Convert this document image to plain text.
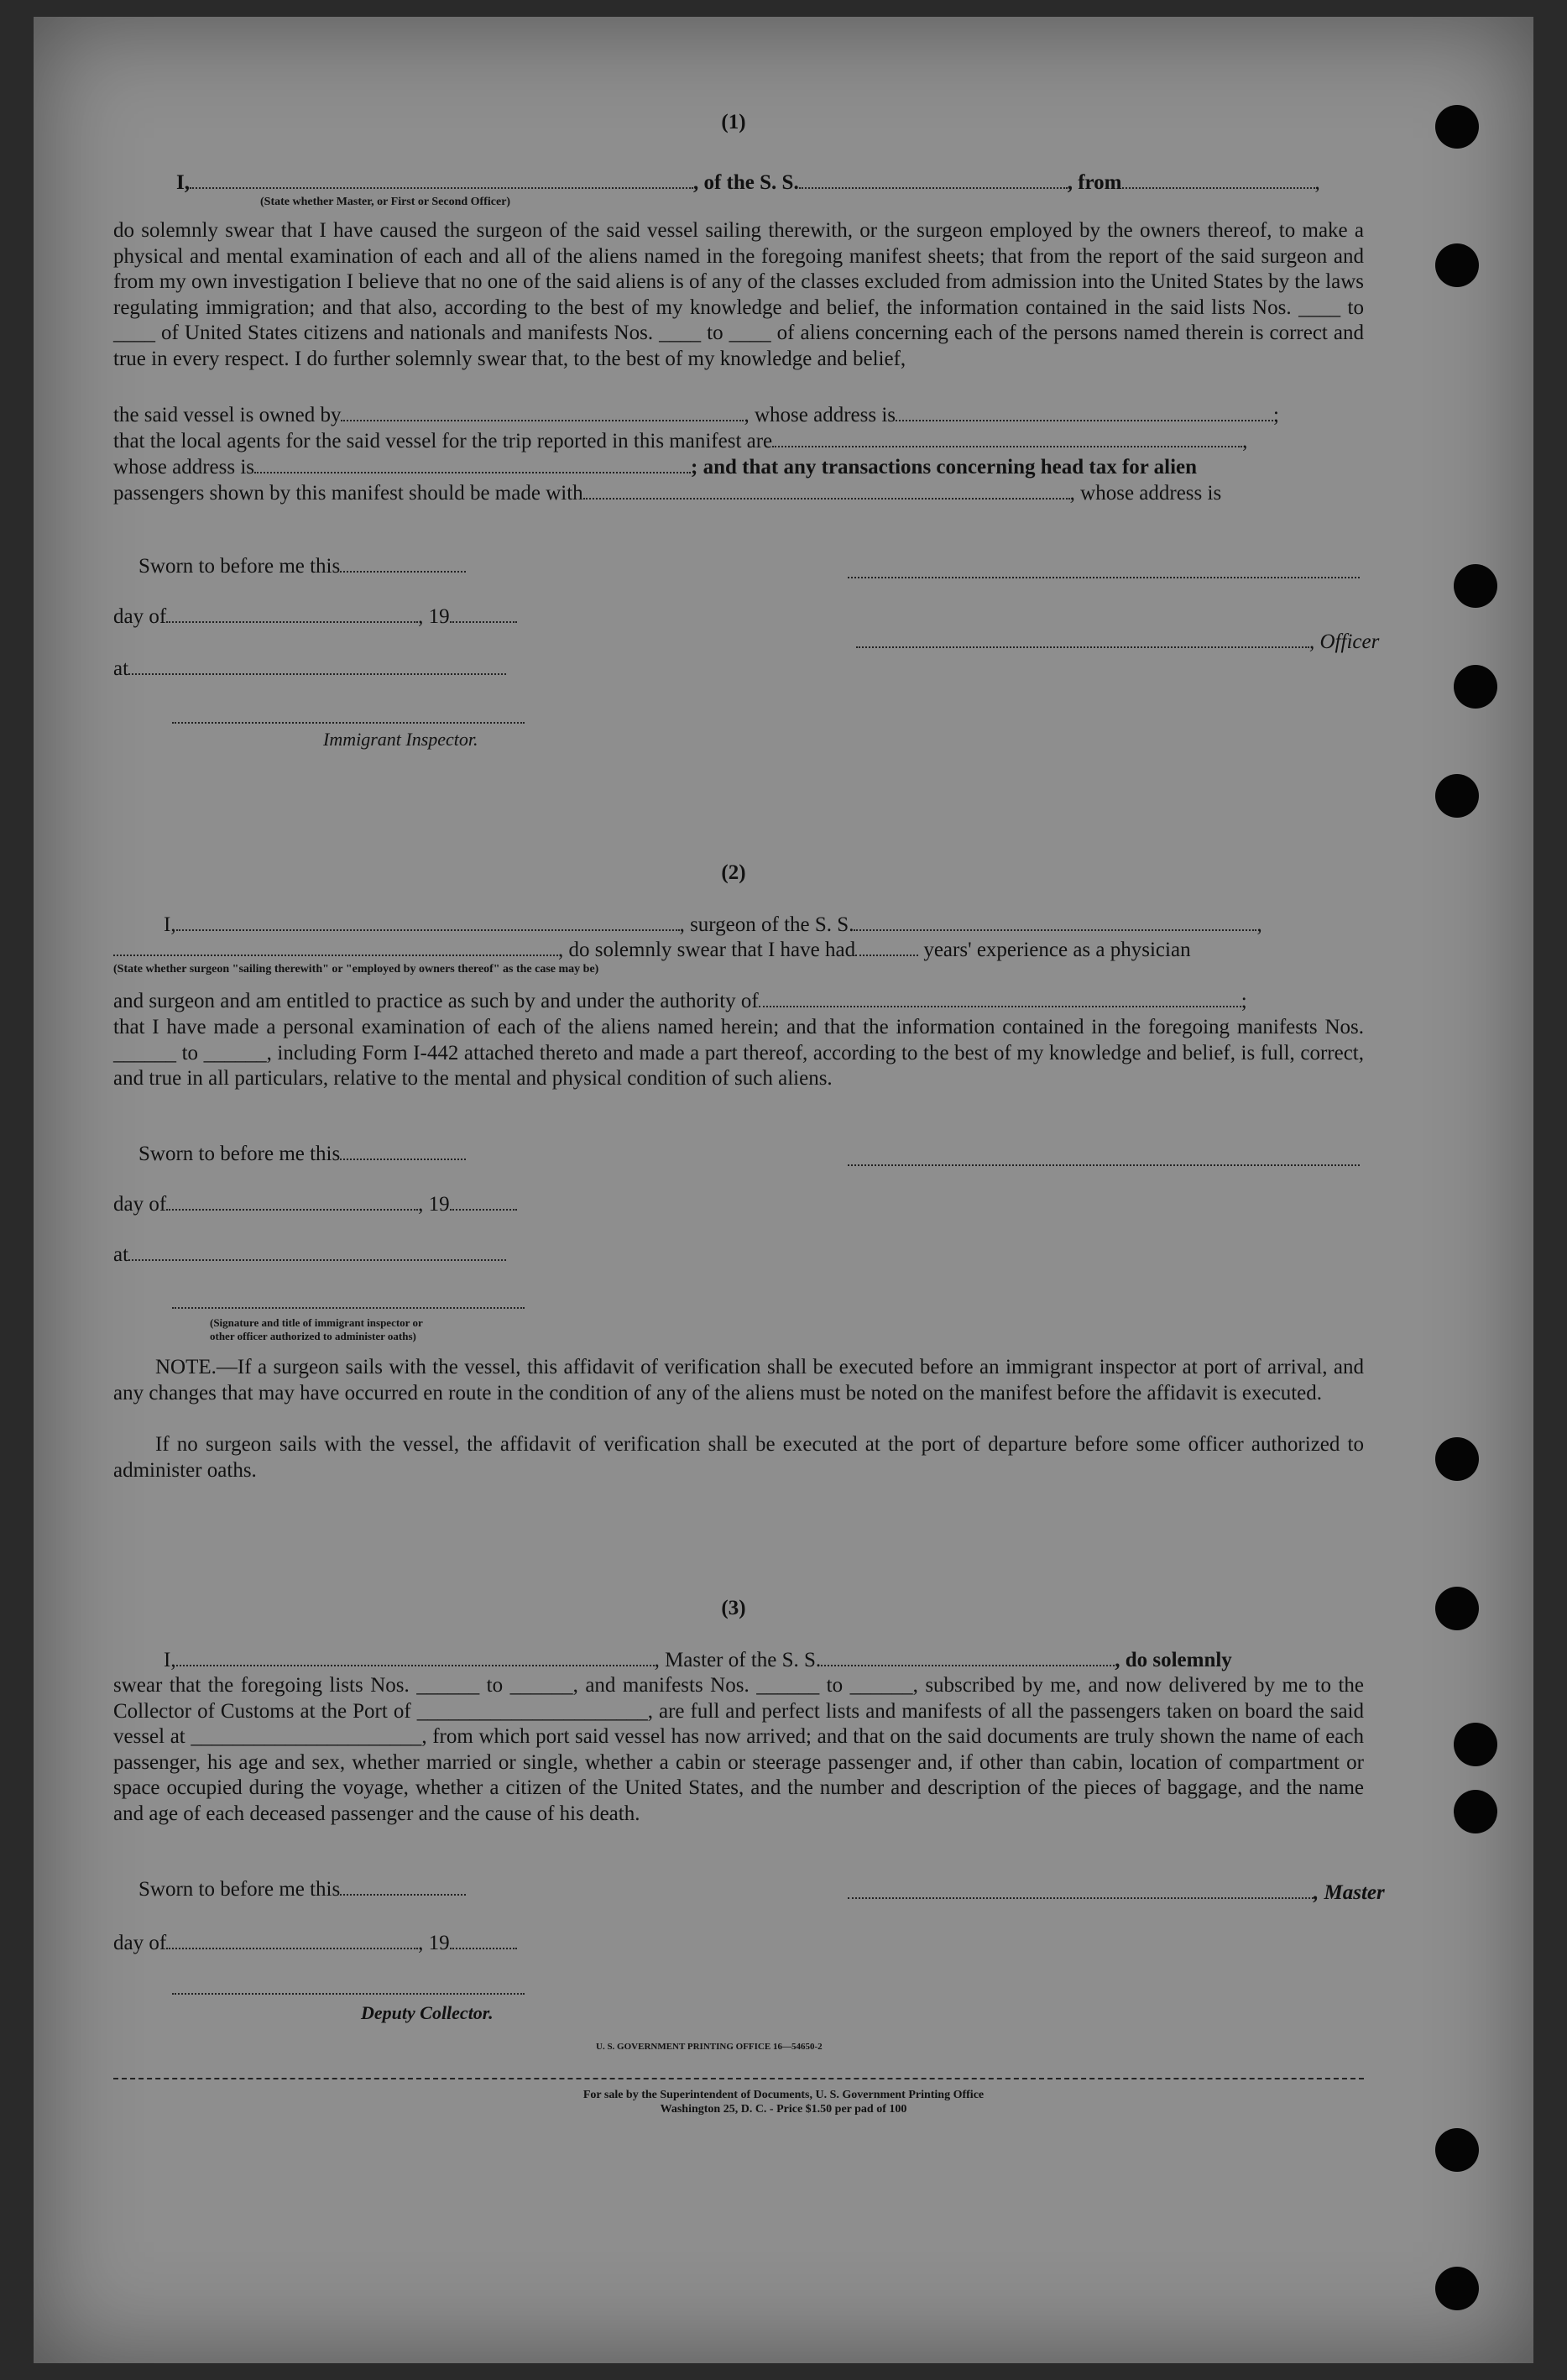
(1)
I,	, of the S. S.	, from	,
(State whether Master, or First or Second Officer)
do solemnly swear that I have caused the surgeon of the said vessel sailing therewith, or the surgeon employed by the owners thereof, to make a physical and mental examination of each and all of the aliens named in the foregoing manifest sheets; that from the report of the said surgeon and from my own investigation I believe that no one of the said aliens is of any of the classes excluded from admission into the United States by the laws regulating immigration; and that also, according to the best of my knowledge and belief, the information contained in the said lists Nos. ____ to ____ of United States citizens and nationals and manifests Nos. ____ to ____ of aliens concerning each of the persons named therein is correct and true in every respect. I do further solemnly swear that, to the best of my knowledge and belief,
the said vessel is owned by	, whose address is	;
that the local agents for the said vessel for the trip reported in this manifest are	,
whose address is	; and that any transactions concerning head tax for alien
passengers shown by this manifest should be made with	, whose address is
Sworn to before me this
day of	, 19
, Officer
at
Immigrant Inspector.
(2)
I,	, surgeon of the S. S.	,
, do solemnly swear that I have had	years' experience as a physician
(State whether surgeon "sailing therewith" or "employed by owners thereof" as the case may be)
and surgeon and am entitled to practice as such by and under the authority of	;
that I have made a personal examination of each of the aliens named herein; and that the information contained in the foregoing manifests Nos. ______ to ______, including Form I-442 attached thereto and made a part thereof, according to the best of my knowledge and belief, is full, correct, and true in all particulars, relative to the mental and physical condition of such aliens.
Sworn to before me this
day of	, 19
at
(Signature and title of immigrant inspector or
other officer authorized to administer oaths)
NOTE.—If a surgeon sails with the vessel, this affidavit of verification shall be executed before an immigrant inspector at port of arrival, and any changes that may have occurred en route in the condition of any of the aliens must be noted on the manifest before the affidavit is executed.
If no surgeon sails with the vessel, the affidavit of verification shall be executed at the port of departure before some officer authorized to administer oaths.
(3)
I,	, Master of the S. S.	, do solemnly
swear that the foregoing lists Nos. ______ to ______, and manifests Nos. ______ to ______, subscribed by me, and now delivered by me to the Collector of Customs at the Port of ______________________, are full and perfect lists and manifests of all the passengers taken on board the said vessel at ______________________, from which port said vessel has now arrived; and that on the said documents are truly shown the name of each passenger, his age and sex, whether married or single, whether a cabin or steerage passenger and, if other than cabin, location of compartment or space occupied during the voyage, whether a citizen of the United States, and the number and description of the pieces of baggage, and the name and age of each deceased passenger and the cause of his death.
Sworn to before me this	, Master
day of	, 19
Deputy Collector.
U. S. GOVERNMENT PRINTING OFFICE 16—54650-2
For sale by the Superintendent of Documents, U. S. Government Printing Office
Washington 25, D. C. - Price $1.50 per pad of 100
